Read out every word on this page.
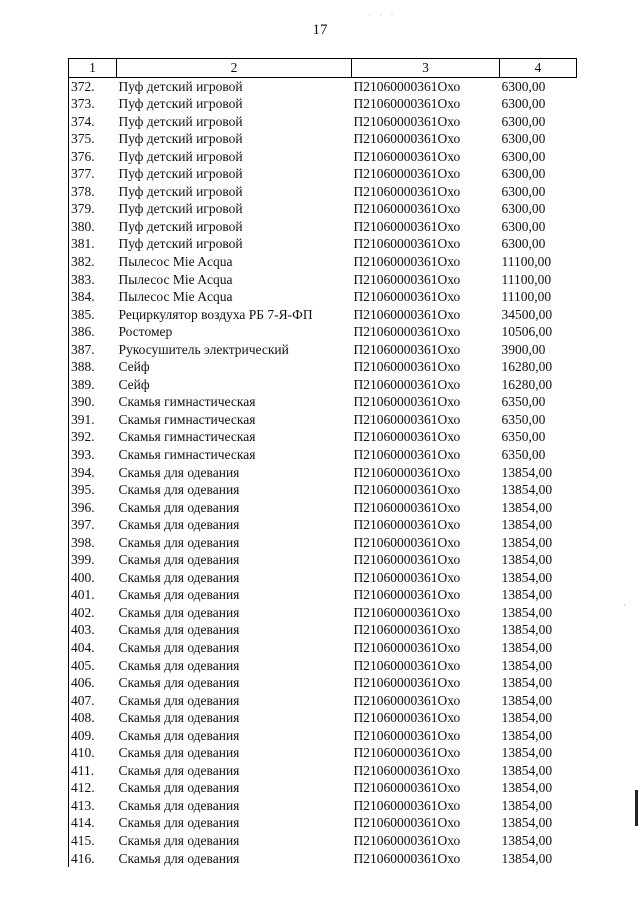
17
· · ·
·
1	2	3	4
372.	Пуф детский игровой	П21060000361Охо	6300,00
373.	Пуф детский игровой	П21060000361Охо	6300,00
374.	Пуф детский игровой	П21060000361Охо	6300,00
375.	Пуф детский игровой	П21060000361Охо	6300,00
376.	Пуф детский игровой	П21060000361Охо	6300,00
377.	Пуф детский игровой	П21060000361Охо	6300,00
378.	Пуф детский игровой	П21060000361Охо	6300,00
379.	Пуф детский игровой	П21060000361Охо	6300,00
380.	Пуф детский игровой	П21060000361Охо	6300,00
381.	Пуф детский игровой	П21060000361Охо	6300,00
382.	Пылесос Mie Acqua	П21060000361Охо	11100,00
383.	Пылесос Mie Acqua	П21060000361Охо	11100,00
384.	Пылесос Mie Acqua	П21060000361Охо	11100,00
385.	Рециркулятор воздуха РБ 7-Я-ФП	П21060000361Охо	34500,00
386.	Ростомер	П21060000361Охо	10506,00
387.	Рукосушитель электрический	П21060000361Охо	3900,00
388.	Сейф	П21060000361Охо	16280,00
389.	Сейф	П21060000361Охо	16280,00
390.	Скамья гимнастическая	П21060000361Охо	6350,00
391.	Скамья гимнастическая	П21060000361Охо	6350,00
392.	Скамья гимнастическая	П21060000361Охо	6350,00
393.	Скамья гимнастическая	П21060000361Охо	6350,00
394.	Скамья для одевания	П21060000361Охо	13854,00
395.	Скамья для одевания	П21060000361Охо	13854,00
396.	Скамья для одевания	П21060000361Охо	13854,00
397.	Скамья для одевания	П21060000361Охо	13854,00
398.	Скамья для одевания	П21060000361Охо	13854,00
399.	Скамья для одевания	П21060000361Охо	13854,00
400.	Скамья для одевания	П21060000361Охо	13854,00
401.	Скамья для одевания	П21060000361Охо	13854,00
402.	Скамья для одевания	П21060000361Охо	13854,00
403.	Скамья для одевания	П21060000361Охо	13854,00
404.	Скамья для одевания	П21060000361Охо	13854,00
405.	Скамья для одевания	П21060000361Охо	13854,00
406.	Скамья для одевания	П21060000361Охо	13854,00
407.	Скамья для одевания	П21060000361Охо	13854,00
408.	Скамья для одевания	П21060000361Охо	13854,00
409.	Скамья для одевания	П21060000361Охо	13854,00
410.	Скамья для одевания	П21060000361Охо	13854,00
411.	Скамья для одевания	П21060000361Охо	13854,00
412.	Скамья для одевания	П21060000361Охо	13854,00
413.	Скамья для одевания	П21060000361Охо	13854,00
414.	Скамья для одевания	П21060000361Охо	13854,00
415.	Скамья для одевания	П21060000361Охо	13854,00
416.	Скамья для одевания	П21060000361Охо	13854,00
